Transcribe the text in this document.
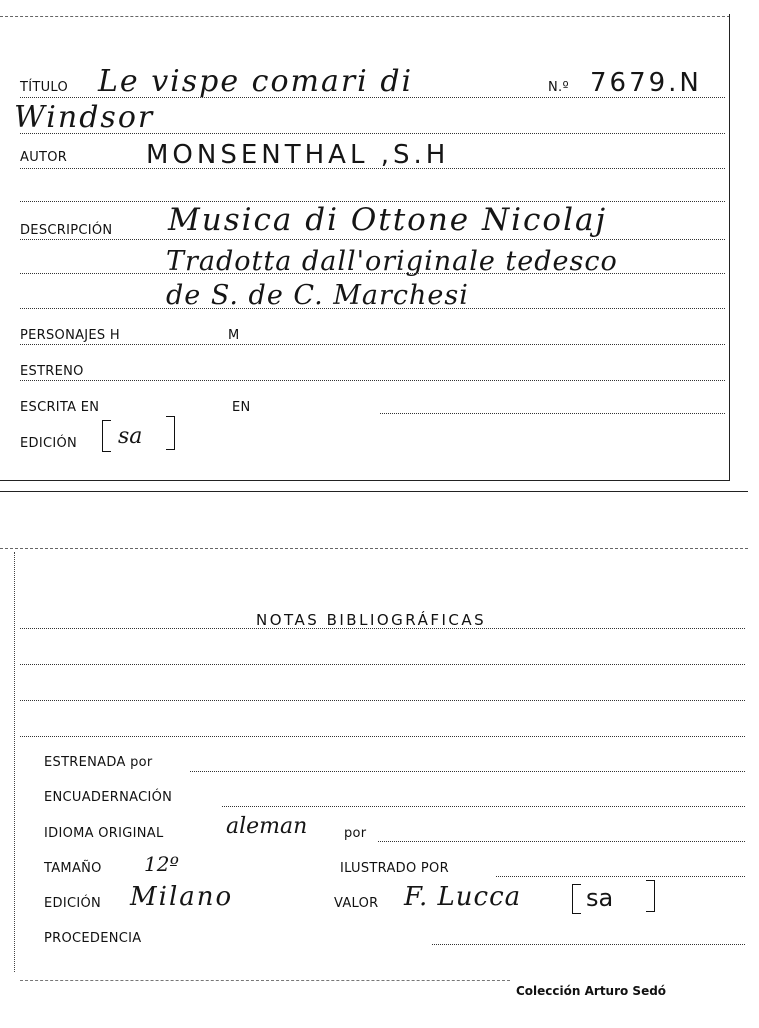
TÍTULO Le vispe comari di	N.º 7679.N
Windsor
AUTOR	MONSENTHAL ,S.H
DESCRIPCIÓN Musica di Ottone Nicolaj
Tradotta dall'originale tedesco
de S. de C. Marchesi
PERSONAJES H	M
ESTRENO
ESCRITA EN	EN
EDICIÓN sa
NOTAS BIBLIOGRÁFICAS
ESTRENADA por
ENCUADERNACIÓN
IDIOMA ORIGINAL	aleman	por
TAMAÑO 12º	ILUSTRADO POR
EDICIÓN Milano	VALOR F. Lucca	sa
PROCEDENCIA
Colección Arturo Sedó
